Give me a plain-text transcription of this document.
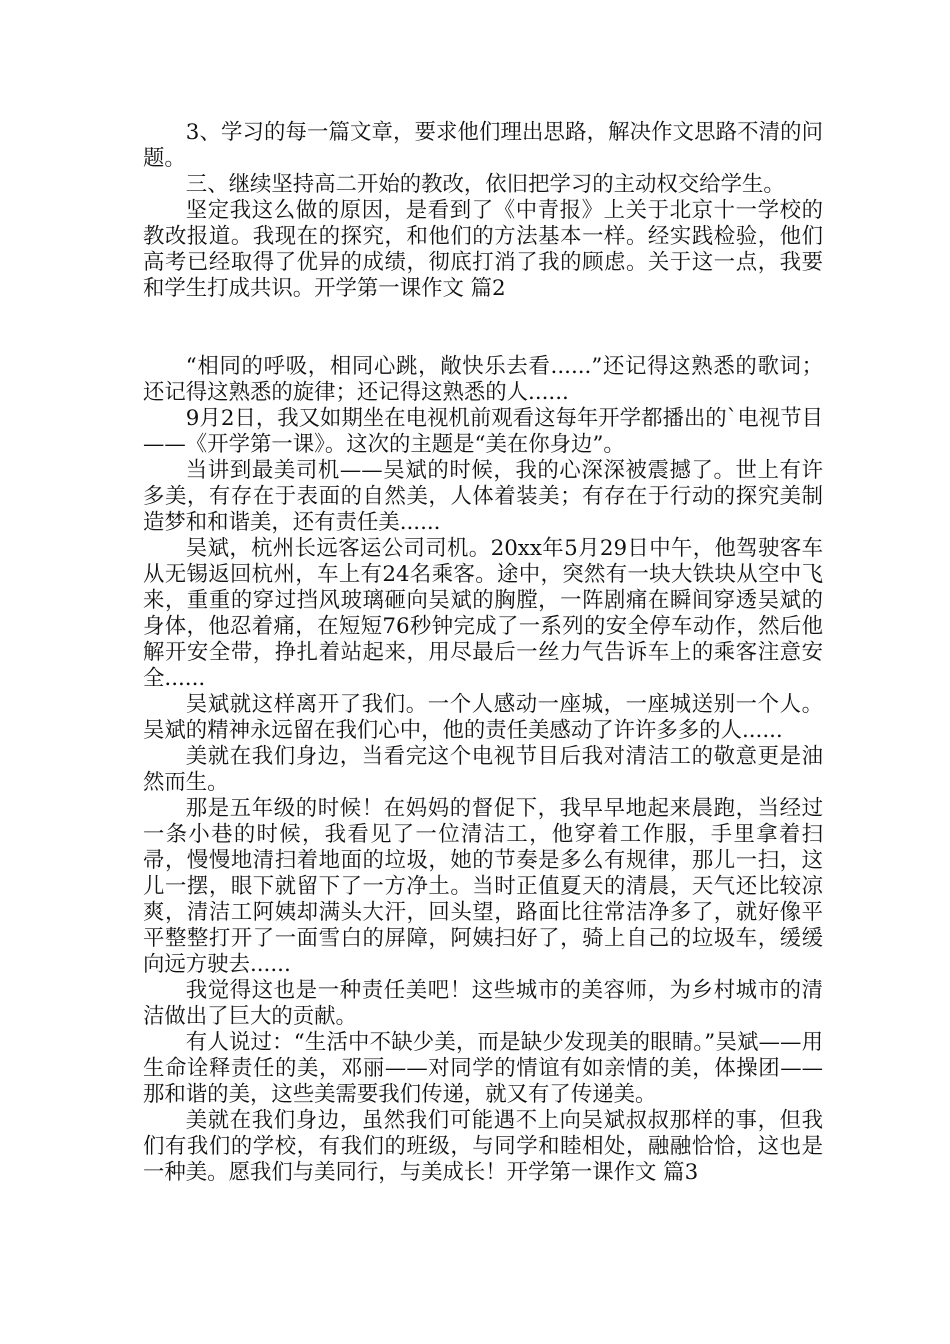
3、学习的每一篇文章，要求他们理出思路，解决作文思路不清的问题。

三、继续坚持高二开始的教改，依旧把学习的主动权交给学生。

坚定我这么做的原因，是看到了《中青报》上关于北京十一学校的教改报道。我现在的探究，和他们的方法基本一样。经实践检验，他们高考已经取得了优异的成绩，彻底打消了我的顾虑。关于这一点，我要和学生打成共识。开学第一课作文 篇2

“相同的呼吸，相同心跳，敞快乐去看......”还记得这熟悉的歌词；还记得这熟悉的旋律；还记得这熟悉的人......

9月2日，我又如期坐在电视机前观看这每年开学都播出的`电视节目——《开学第一课》。这次的主题是“美在你身边”。

当讲到最美司机——吴斌的时候，我的心深深被震撼了。世上有许多美，有存在于表面的自然美，人体着装美；有存在于行动的探究美制造梦和和谐美，还有责任美......

吴斌，杭州长远客运公司司机。20xx年5月29日中午，他驾驶客车从无锡返回杭州，车上有24名乘客。途中，突然有一块大铁块从空中飞来，重重的穿过挡风玻璃砸向吴斌的胸膛，一阵剧痛在瞬间穿透吴斌的身体，他忍着痛，在短短76秒钟完成了一系列的安全停车动作，然后他解开安全带，挣扎着站起来，用尽最后一丝力气告诉车上的乘客注意安全......

吴斌就这样离开了我们。一个人感动一座城，一座城送别一个人。吴斌的精神永远留在我们心中，他的责任美感动了许许多多的人......

美就在我们身边，当看完这个电视节目后我对清洁工的敬意更是油然而生。

那是五年级的时候！在妈妈的督促下，我早早地起来晨跑，当经过一条小巷的时候，我看见了一位清洁工，他穿着工作服，手里拿着扫帚，慢慢地清扫着地面的垃圾，她的节奏是多么有规律，那儿一扫，这儿一摆，眼下就留下了一方净土。当时正值夏天的清晨，天气还比较凉爽，清洁工阿姨却满头大汗，回头望，路面比往常洁净多了，就好像平平整整打开了一面雪白的屏障，阿姨扫好了，骑上自己的垃圾车，缓缓向远方驶去......

我觉得这也是一种责任美吧！这些城市的美容师，为乡村城市的清洁做出了巨大的贡献。

有人说过：“生活中不缺少美，而是缺少发现美的眼睛。”吴斌——用生命诠释责任的美，邓丽——对同学的情谊有如亲情的美，体操团——那和谐的美，这些美需要我们传递，就又有了传递美。

美就在我们身边，虽然我们可能遇不上向吴斌叔叔那样的事，但我们有我们的学校，有我们的班级，与同学和睦相处，融融恰恰，这也是一种美。愿我们与美同行，与美成长！开学第一课作文 篇3
